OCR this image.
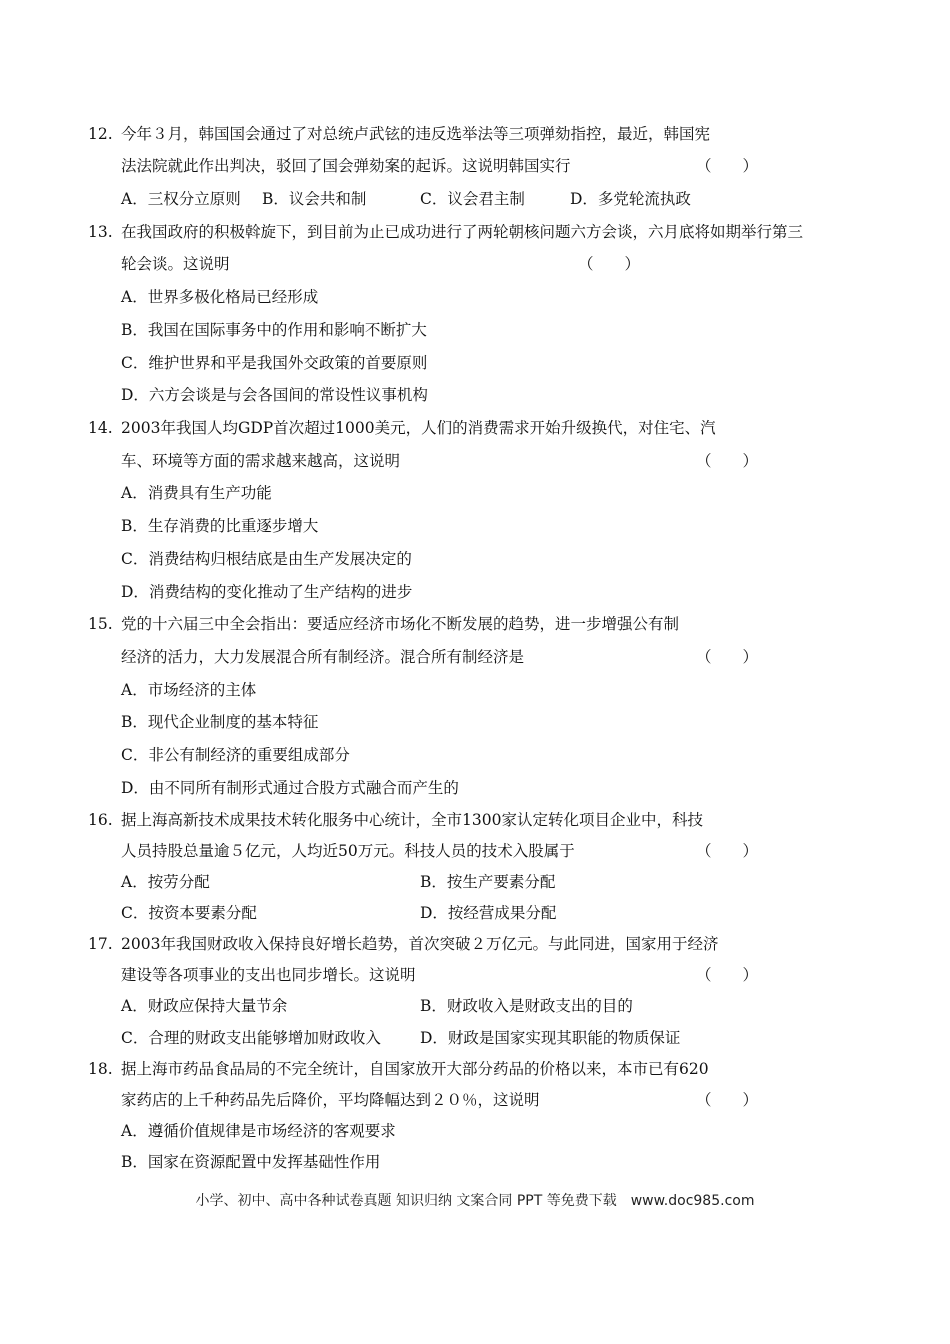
12. 今年３月，韩国国会通过了对总统卢武铉的违反选举法等三项弹劾指控，最近，韩国宪
法法院就此作出判决，驳回了国会弹劾案的起诉。这说明韩国实行	（　　）
A．三权分立原则 B．议会共和制	C．议会君主制	D．多党轮流执政
13. 在我国政府的积极斡旋下，到目前为止已成功进行了两轮朝核问题六方会谈，六月底将如期举行第三
轮会谈。这说明	（　　）
A．世界多极化格局已经形成
B．我国在国际事务中的作用和影响不断扩大
C．维护世界和平是我国外交政策的首要原则
D．六方会谈是与会各国间的常设性议事机构
14. 2003年我国人均GDP首次超过1000美元，人们的消费需求开始升级换代，对住宅、汽
车、环境等方面的需求越来越高，这说明	（　　）
A．消费具有生产功能
B．生存消费的比重逐步增大
C．消费结构归根结底是由生产发展决定的
D．消费结构的变化推动了生产结构的进步
15. 党的十六届三中全会指出：要适应经济市场化不断发展的趋势，进一步增强公有制
经济的活力，大力发展混合所有制经济。混合所有制经济是	（　　）
A．市场经济的主体
B．现代企业制度的基本特征
C．非公有制经济的重要组成部分
D．由不同所有制形式通过合股方式融合而产生的
16. 据上海高新技术成果技术转化服务中心统计，全市1300家认定转化项目企业中，科技
人员持股总量逾５亿元，人均近50万元。科技人员的技术入股属于	（　　）
A．按劳分配	B．按生产要素分配
C．按资本要素分配	D．按经营成果分配
17. 2003年我国财政收入保持良好增长趋势，首次突破２万亿元。与此同进，国家用于经济
建设等各项事业的支出也同步增长。这说明	（　　）
A．财政应保持大量节余	B．财政收入是财政支出的目的
C．合理的财政支出能够增加财政收入	D．财政是国家实现其职能的物质保证
18. 据上海市药品食品局的不完全统计，自国家放开大部分药品的价格以来，本市已有620
家药店的上千种药品先后降价，平均降幅达到２０％，这说明	（　　）
A．遵循价值规律是市场经济的客观要求
B．国家在资源配置中发挥基础性作用
小学、初中、高中各种试卷真题 知识归纳 文案合同 PPT 等免费下载　www.doc985.com
